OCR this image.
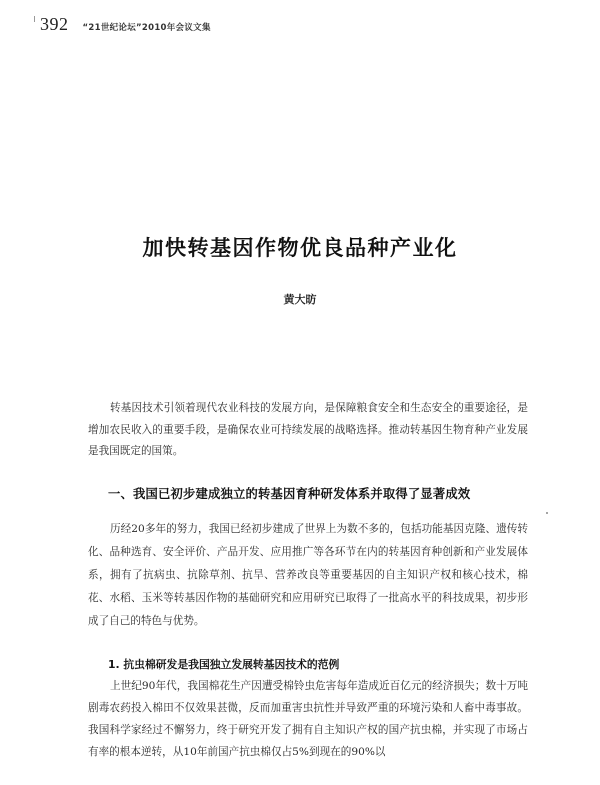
392 “21世纪论坛”2010年会议文集
加快转基因作物优良品种产业化
黄大昉

转基因技术引领着现代农业科技的发展方向，是保障粮食安全和生态安全的重要途径，是增加农民收入的重要手段，是确保农业可持续发展的战略选择。推动转基因生物育种产业发展是我国既定的国策。

一、我国已初步建成独立的转基因育种研发体系并取得了显著成效

历经20多年的努力，我国已经初步建成了世界上为数不多的，包括功能基因克隆、遗传转化、品种选育、安全评价、产品开发、应用推广等各环节在内的转基因育种创新和产业发展体系，拥有了抗病虫、抗除草剂、抗旱、营养改良等重要基因的自主知识产权和核心技术，棉花、水稻、玉米等转基因作物的基础研究和应用研究已取得了一批高水平的科技成果，初步形成了自己的特色与优势。

1. 抗虫棉研发是我国独立发展转基因技术的范例

上世纪90年代，我国棉花生产因遭受棉铃虫危害每年造成近百亿元的经济损失；数十万吨剧毒农药投入棉田不仅效果甚微，反而加重害虫抗性并导致严重的环境污染和人畜中毒事故。我国科学家经过不懈努力，终于研究开发了拥有自主知识产权的国产抗虫棉，并实现了市场占有率的根本逆转，从10年前国产抗虫棉仅占5%到现在的90%以
